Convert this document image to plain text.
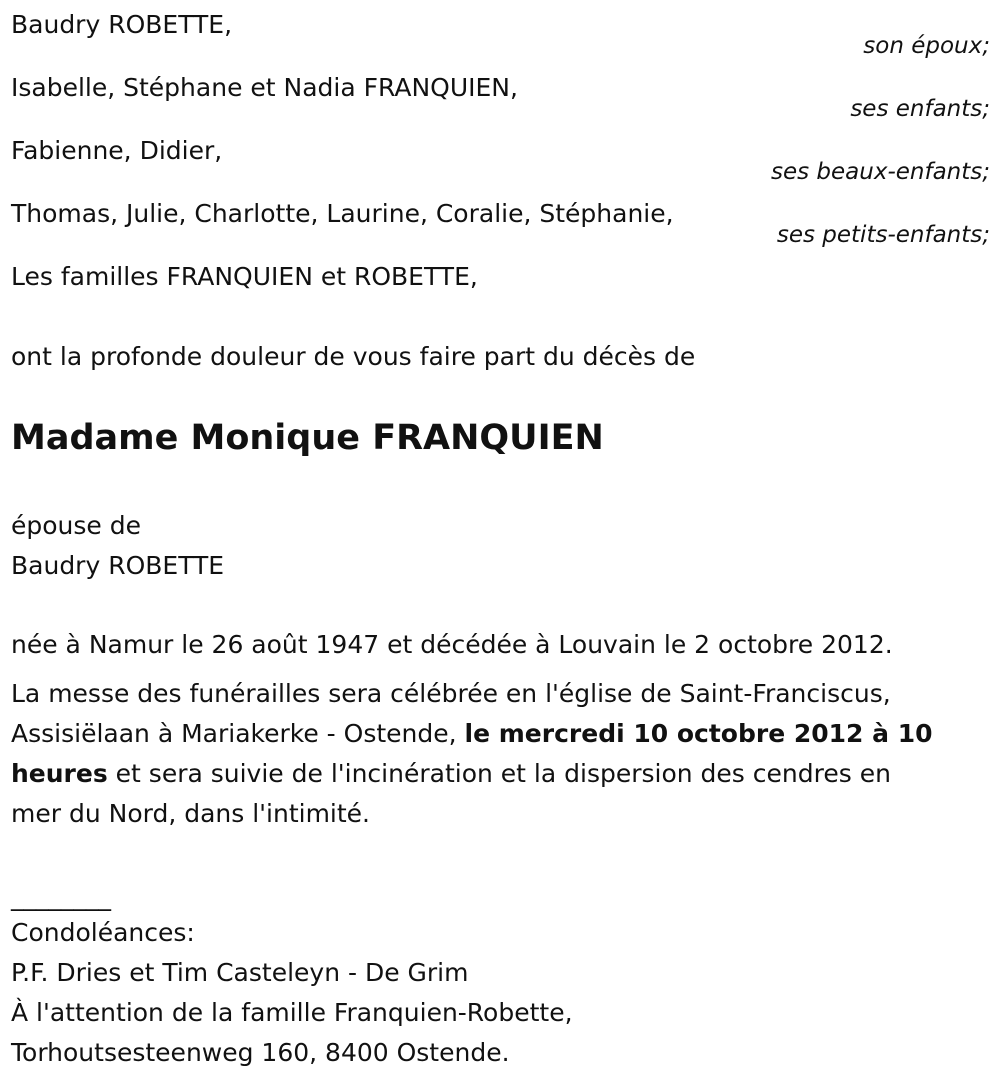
Baudry ROBETTE,
son époux;
Isabelle, Stéphane et Nadia FRANQUIEN,
ses enfants;
Fabienne, Didier,
ses beaux-enfants;
Thomas, Julie, Charlotte, Laurine, Coralie, Stéphanie,
ses petits-enfants;
Les familles FRANQUIEN et ROBETTE,
ont la profonde douleur de vous faire part du décès de
Madame Monique FRANQUIEN
épouse de
Baudry ROBETTE
née à Namur le 26 août 1947 et décédée à Louvain le 2 octobre 2012.
La messe des funérailles sera célébrée en l'église de Saint-Franciscus, Assisiëlaan à Mariakerke - Ostende, le mercredi 10 octobre 2012 à 10 heures et sera suivie de l'incinération et la dispersion des cendres en mer du Nord, dans l'intimité.
________
Condoléances:
P.F. Dries et Tim Casteleyn - De Grim
À l'attention de la famille Franquien-Robette,
Torhoutsesteenweg 160, 8400 Ostende.
